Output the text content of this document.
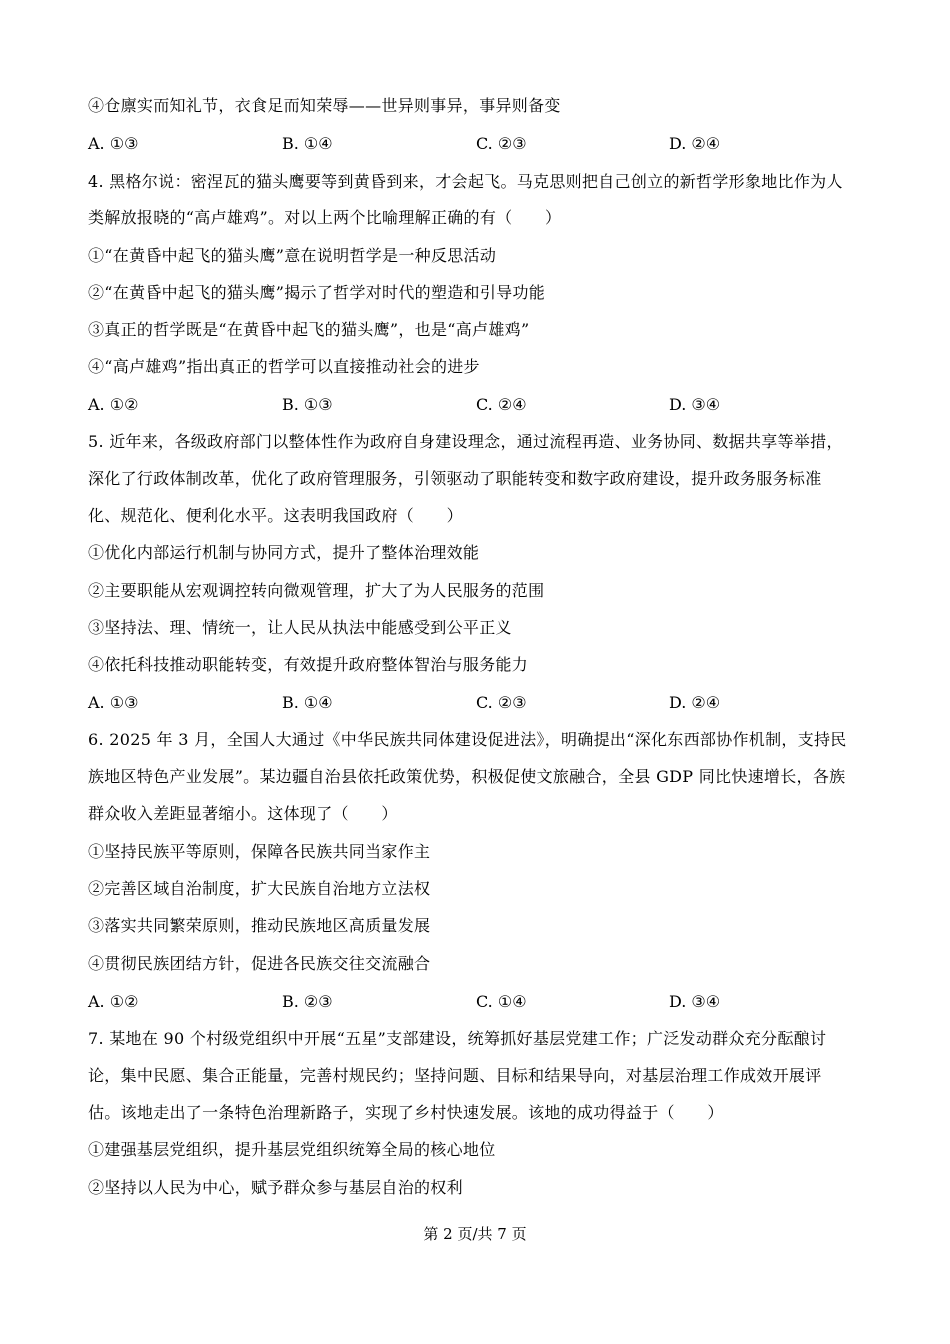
④仓廪实而知礼节，衣食足而知荣辱——世异则事异，事异则备变
A. ①③	B. ①④	C. ②③	D. ②④
4. 黑格尔说：密涅瓦的猫头鹰要等到黄昏到来，才会起飞。马克思则把自己创立的新哲学形象地比作为人
类解放报晓的“高卢雄鸡”。对以上两个比喻理解正确的有（　　）
①“在黄昏中起飞的猫头鹰”意在说明哲学是一种反思活动
②“在黄昏中起飞的猫头鹰”揭示了哲学对时代的塑造和引导功能
③真正的哲学既是“在黄昏中起飞的猫头鹰”，也是“高卢雄鸡”
④“高卢雄鸡”指出真正的哲学可以直接推动社会的进步
A. ①②	B. ①③	C. ②④	D. ③④
5. 近年来，各级政府部门以整体性作为政府自身建设理念，通过流程再造、业务协同、数据共享等举措，
深化了行政体制改革，优化了政府管理服务，引领驱动了职能转变和数字政府建设，提升政务服务标准
化、规范化、便利化水平。这表明我国政府（　　）
①优化内部运行机制与协同方式，提升了整体治理效能
②主要职能从宏观调控转向微观管理，扩大了为人民服务的范围
③坚持法、理、情统一，让人民从执法中能感受到公平正义
④依托科技推动职能转变，有效提升政府整体智治与服务能力
A. ①③	B. ①④	C. ②③	D. ②④
6. 2025 年 3 月，全国人大通过《中华民族共同体建设促进法》，明确提出“深化东西部协作机制，支持民
族地区特色产业发展”。某边疆自治县依托政策优势，积极促使文旅融合，全县 GDP 同比快速增长，各族
群众收入差距显著缩小。这体现了（　　）
①坚持民族平等原则，保障各民族共同当家作主
②完善区域自治制度，扩大民族自治地方立法权
③落实共同繁荣原则，推动民族地区高质量发展
④贯彻民族团结方针，促进各民族交往交流融合
A. ①②	B. ②③	C. ①④	D. ③④
7. 某地在 90 个村级党组织中开展“五星”支部建设，统筹抓好基层党建工作；广泛发动群众充分酝酿讨
论，集中民愿、集合正能量，完善村规民约；坚持问题、目标和结果导向，对基层治理工作成效开展评
估。该地走出了一条特色治理新路子，实现了乡村快速发展。该地的成功得益于（　　）
①建强基层党组织，提升基层党组织统筹全局的核心地位
②坚持以人民为中心，赋予群众参与基层自治的权利
第 2 页/共 7 页
